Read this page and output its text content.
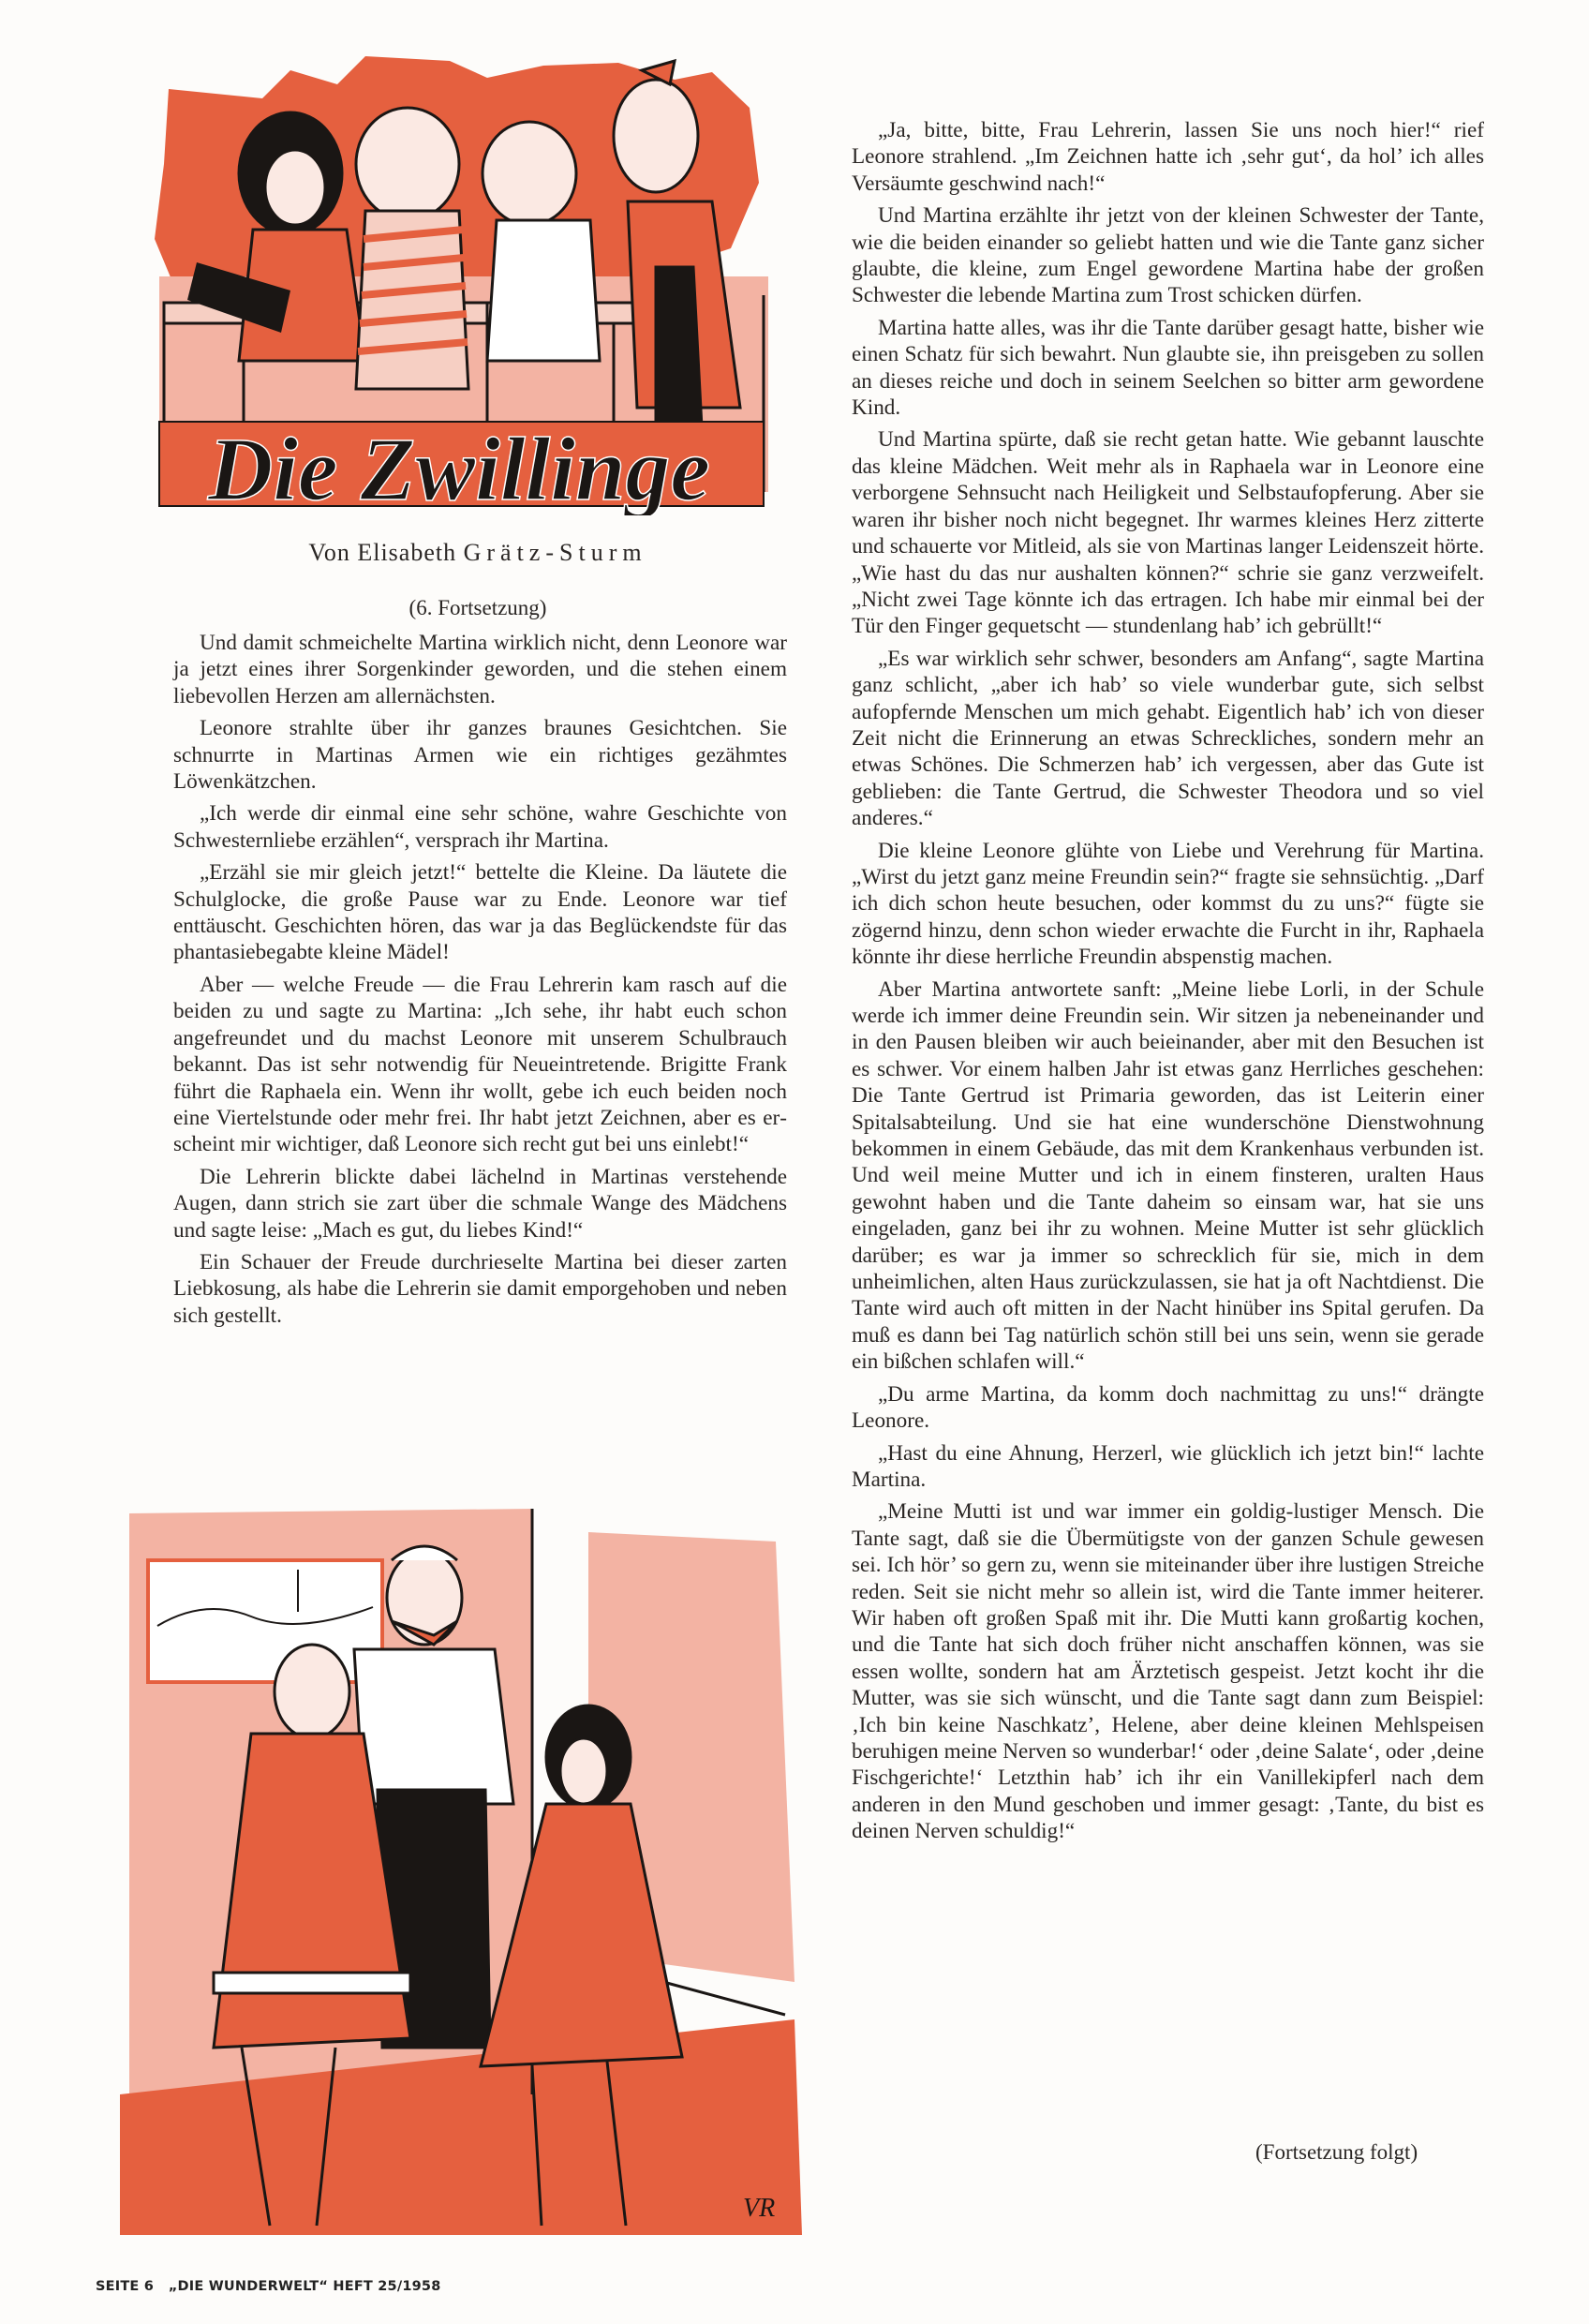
Die Zwillinge
Von Elisabeth Grätz-Sturm
(6. Fortsetzung)

Und damit schmeichelte Martina wirklich nicht, denn Leonore war ja jetzt eines ihrer Sorgenkinder geworden, und die stehen einem liebevollen Herzen am allernächsten.

Leonore strahlte über ihr ganzes braunes Gesichtchen. Sie schnurrte in Martinas Armen wie ein richtiges gezähmtes Löwenkätzchen.

„Ich werde dir einmal eine sehr schöne, wahre Geschichte von Schwesternliebe erzählen“, versprach ihr Martina.

„Erzähl sie mir gleich jetzt!“ bettelte die Kleine. Da läutete die Schulglocke, die große Pause war zu Ende. Leonore war tief enttäuscht. Geschichten hören, das war ja das Beglückendste für das phantasiebegabte kleine Mädel!

Aber — welche Freude — die Frau Lehrerin kam rasch auf die beiden zu und sagte zu Martina: „Ich sehe, ihr habt euch schon angefreundet und du machst Leonore mit unserem Schulbrauch bekannt. Das ist sehr notwendig für Neueintretende. Brigitte Frank führt die Raphaela ein. Wenn ihr wollt, gebe ich euch beiden noch eine Viertelstunde oder mehr frei. Ihr habt jetzt Zeichnen, aber es erscheint mir wichtiger, daß Leonore sich recht gut bei uns einlebt!“

Die Lehrerin blickte dabei lächelnd in Martinas verstehende Augen, dann strich sie zart über die schmale Wange des Mädchens und sagte leise: „Mach es gut, du liebes Kind!“

Ein Schauer der Freude durchrieselte Martina bei dieser zarten Liebkosung, als habe die Lehrerin sie damit emporgehoben und neben sich gestellt.

VR

„Ja, bitte, bitte, Frau Lehrerin, lassen Sie uns noch hier!“ rief Leonore strahlend. „Im Zeichnen hatte ich ‚sehr gut‘, da hol’ ich alles Versäumte geschwind nach!“

Und Martina erzählte ihr jetzt von der kleinen Schwester der Tante, wie die beiden einander so geliebt hatten und wie die Tante ganz sicher glaubte, die kleine, zum Engel gewordene Martina habe der großen Schwester die lebende Martina zum Trost schicken dürfen.

Martina hatte alles, was ihr die Tante darüber gesagt hatte, bisher wie einen Schatz für sich bewahrt. Nun glaubte sie, ihn preisgeben zu sollen an dieses reiche und doch in seinem Seelchen so bitter arm gewordene Kind.

Und Martina spürte, daß sie recht getan hatte. Wie gebannt lauschte das kleine Mädchen. Weit mehr als in Raphaela war in Leonore eine verborgene Sehnsucht nach Heiligkeit und Selbstaufopferung. Aber sie waren ihr bisher noch nicht begegnet. Ihr warmes kleines Herz zitterte und schauerte vor Mitleid, als sie von Martinas langer Leidenszeit hörte. „Wie hast du das nur aushalten können?“ schrie sie ganz verzweifelt. „Nicht zwei Tage könnte ich das ertragen. Ich habe mir einmal bei der Tür den Finger gequetscht — stundenlang hab’ ich gebrüllt!“

„Es war wirklich sehr schwer, besonders am Anfang“, sagte Martina ganz schlicht, „aber ich hab’ so viele wunderbar gute, sich selbst aufopfernde Menschen um mich gehabt. Eigentlich hab’ ich von dieser Zeit nicht die Erinnerung an etwas Schreckliches, sondern mehr an etwas Schönes. Die Schmerzen hab’ ich vergessen, aber das Gute ist geblieben: die Tante Gertrud, die Schwester Theodora und so viel anderes.“

Die kleine Leonore glühte von Liebe und Verehrung für Martina. „Wirst du jetzt ganz meine Freundin sein?“ fragte sie sehnsüchtig. „Darf ich dich schon heute besuchen, oder kommst du zu uns?“ fügte sie zögernd hinzu, denn schon wieder erwachte die Furcht in ihr, Raphaela könnte ihr diese herrliche Freundin abspenstig machen.

Aber Martina antwortete sanft: „Meine liebe Lorli, in der Schule werde ich immer deine Freundin sein. Wir sitzen ja nebeneinander und in den Pausen bleiben wir auch beieinander, aber mit den Besuchen ist es schwer. Vor einem halben Jahr ist etwas ganz Herrliches geschehen: Die Tante Gertrud ist Primaria geworden, das ist Leiterin einer Spitalsabteilung. Und sie hat eine wunderschöne Dienstwohnung bekommen in einem Gebäude, das mit dem Krankenhaus verbunden ist. Und weil meine Mutter und ich in einem finsteren, uralten Haus gewohnt haben und die Tante daheim so einsam war, hat sie uns eingeladen, ganz bei ihr zu wohnen. Meine Mutter ist sehr glücklich darüber; es war ja immer so schrecklich für sie, mich in dem unheimlichen, alten Haus zurückzulassen, sie hat ja oft Nachtdienst. Die Tante wird auch oft mitten in der Nacht hinüber ins Spital gerufen. Da muß es dann bei Tag natürlich schön still bei uns sein, wenn sie gerade ein bißchen schlafen will.“

„Du arme Martina, da komm doch nachmittag zu uns!“ drängte Leonore.

„Hast du eine Ahnung, Herzerl, wie glücklich ich jetzt bin!“ lachte Martina.

„Meine Mutti ist und war immer ein goldig-lustiger Mensch. Die Tante sagt, daß sie die Übermütigste von der ganzen Schule gewesen sei. Ich hör’ so gern zu, wenn sie miteinander über ihre lustigen Streiche reden. Seit sie nicht mehr so allein ist, wird die Tante immer heiterer. Wir haben oft großen Spaß mit ihr. Die Mutti kann großartig kochen, und die Tante hat sich doch früher nicht anschaffen können, was sie essen wollte, sondern hat am Ärztetisch gespeist. Jetzt kocht ihr die Mutter, was sie sich wünscht, und die Tante sagt dann zum Beispiel: ‚Ich bin keine Naschkatz’, Helene, aber deine kleinen Mehlspeisen beruhigen meine Nerven so wunderbar!‘ oder ‚deine Salate‘, oder ‚deine Fischgerichte!‘ Letzthin hab’ ich ihr ein Vanillekipferl nach dem anderen in den Mund geschoben und immer gesagt: ‚Tante, du bist es deinen Nerven schuldig!“

(Fortsetzung folgt)
SEITE 6 „DIE WUNDERWELT“ HEFT 25/1958
